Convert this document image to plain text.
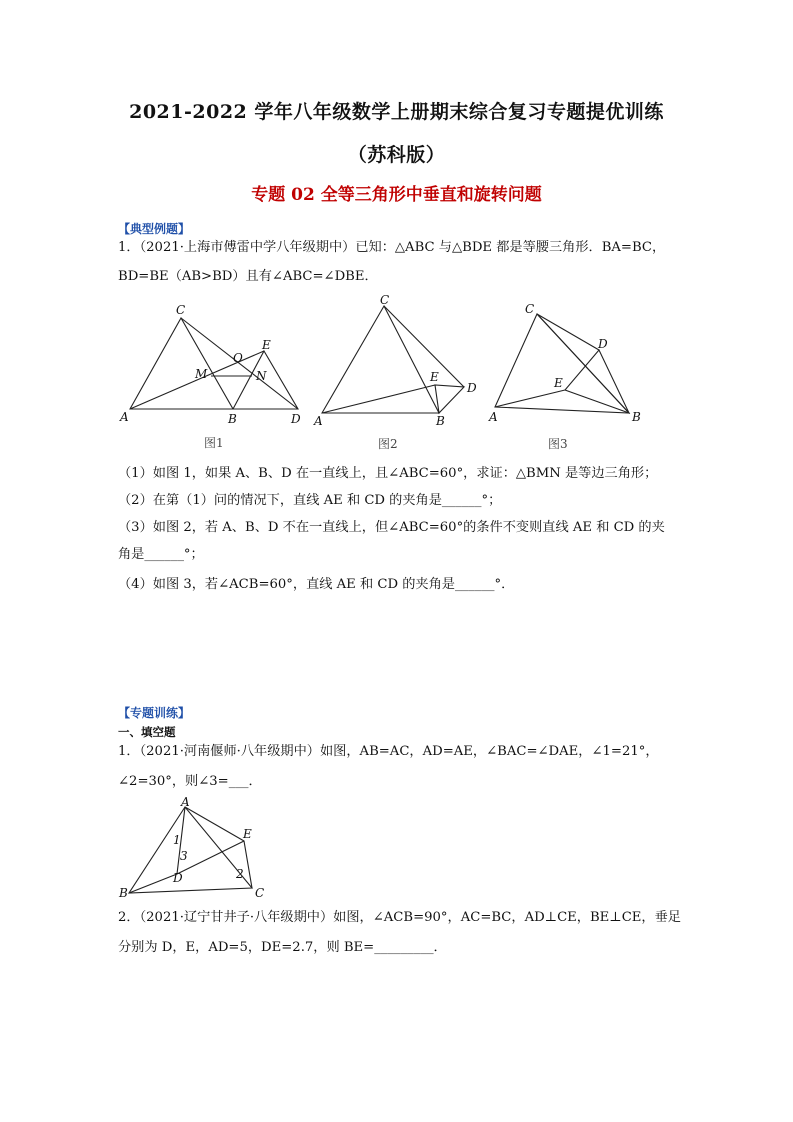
2021-2022 学年八年级数学上册期末综合复习专题提优训练
（苏科版）
专题 02 全等三角形中垂直和旋转问题
【典型例题】
1．（2021·上海市傅雷中学八年级期中）已知：△ABC 与△BDE 都是等腰三角形．BA=BC，
BD=BE（AB>BD）且有∠ABC=∠DBE．
A	B
C
D
E
M	N
O
图1
A	B
C
D
E
图2
A	B
C
D
E
图3
（1）如图 1，如果 A、B、D 在一直线上，且∠ABC=60°，求证：△BMN 是等边三角形；
（2）在第（1）问的情况下，直线 AE 和 CD 的夹角是______°；
（3）如图 2，若 A、B、D 不在一直线上，但∠ABC=60°的条件不变则直线 AE 和 CD 的夹
角是______°；
（4）如图 3，若∠ACB=60°，直线 AE 和 CD 的夹角是______°．
【专题训练】
一、填空题
1．（2021·河南偃师·八年级期中）如图，AB=AC，AD=AE，∠BAC=∠DAE，∠1=21°，
∠2=30°，则∠3=___．
A
B	C
D
E
1
2
3
2．（2021·辽宁甘井子·八年级期中）如图，∠ACB=90°，AC=BC，AD⊥CE，BE⊥CE，垂足
分别为 D，E，AD=5，DE=2.7，则 BE=_________．
